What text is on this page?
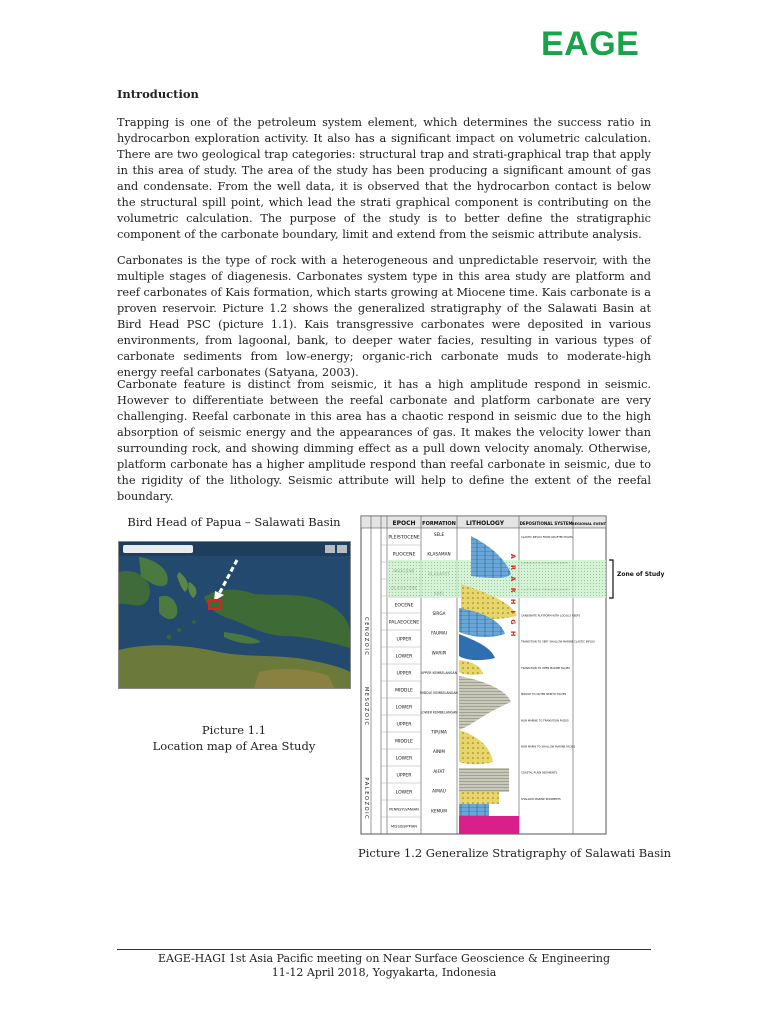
EAGE
Introduction

Trapping is one of the petroleum system element, which determines the success ratio in hydrocarbon exploration activity. It also has a significant impact on volumetric calculation. There are two geological trap categories: structural trap and strati-graphical trap that apply in this area of study. The area of the study has been producing a significant amount of gas and condensate. From the well data, it is observed that the hydrocarbon contact is below the structural spill point, which lead the strati graphical component is contributing on the volumetric calculation. The purpose of the study is to better define the stratigraphic component of the carbonate boundary, limit and extend from the seismic attribute analysis.

Carbonates is the type of rock with a heterogeneous and unpredictable reservoir, with the multiple stages of diagenesis. Carbonates system type in this area study are platform and reef carbonates of Kais formation, which starts growing at Miocene time. Kais carbonate is a proven reservoir. Picture 1.2 shows the generalized stratigraphy of the Salawati Basin at Bird Head PSC (picture 1.1). Kais transgressive carbonates were deposited in various environments, from lagoonal, bank, to deeper water facies, resulting in various types of carbonate sediments from low-energy; organic-rich carbonate muds to moderate-high energy reefal carbonates (Satyana, 2003).

Carbonate feature is distinct from seismic, it has a high amplitude respond in seismic. However to differentiate between the reefal carbonate and platform carbonate are very challenging. Reefal carbonate in this area has a chaotic respond in seismic due to the high absorption of seismic energy and the appearances of gas. It makes the velocity lower than surrounding rock, and showing dimming effect as a pull down velocity anomaly. Otherwise, platform carbonate has a higher amplitude respond than reefal carbonate in seismic, due to the rigidity of the lithology. Seismic attribute will help to define the extent of the reefal boundary.

Bird Head of Papua – Salawati Basin
Picture 1.1
Location map of Area Study
EPOCH FORMATION LITHOLOGY	DEPOSITIONAL SYSTEM REGIONAL EVENT
PLEISTOCENE
PLIOCENE
EOCENE
PALAEOCENE
UPPER
LOWER
UPPER
MIDDLE
LOWER
UPPER
MIDDLE
LOWER
UPPER
LOWER
PENNSYLVANIAN
MISSISSIPPIAN
SELE
KLASAMAN
SIRGA
FAUMAI
WARIPI
UPPER KEMBELANGAN
MIDDLE KEMBELANGAN
LOWER KEMBELANGAN
TIPUMA
AINIM
AIFAT
AIMAU
KEMUM
CLASTIC INFLUX FROM UPLIFTED HIGHS
CARBONATE PLATFORM WITH LOCALLY REEFS
TRANSITION TO VERY SHALLOW MARINE CLASTIC INFLUX
TRANSITION TO OPEN MARINE FACIES
MIDDLE TO OUTER NERITIC FACIES
NON MARINE TO TRANSITION FACIES
NON MARIN TO SHALLOW MARINE FACIES
COASTAL PLAIN SEDIMENTS
SHALLOW MARINE SEDIMENTS
C E N O Z O I C
M E S O Z O I C
P A L E O Z O I C
A R A R H I G H	Zone of Study
Picture 1.2 Generalize Stratigraphy of Salawati Basin
EAGE-HAGI 1st Asia Pacific meeting on Near Surface Geoscience & Engineering
11-12 April 2018, Yogyakarta, Indonesia
